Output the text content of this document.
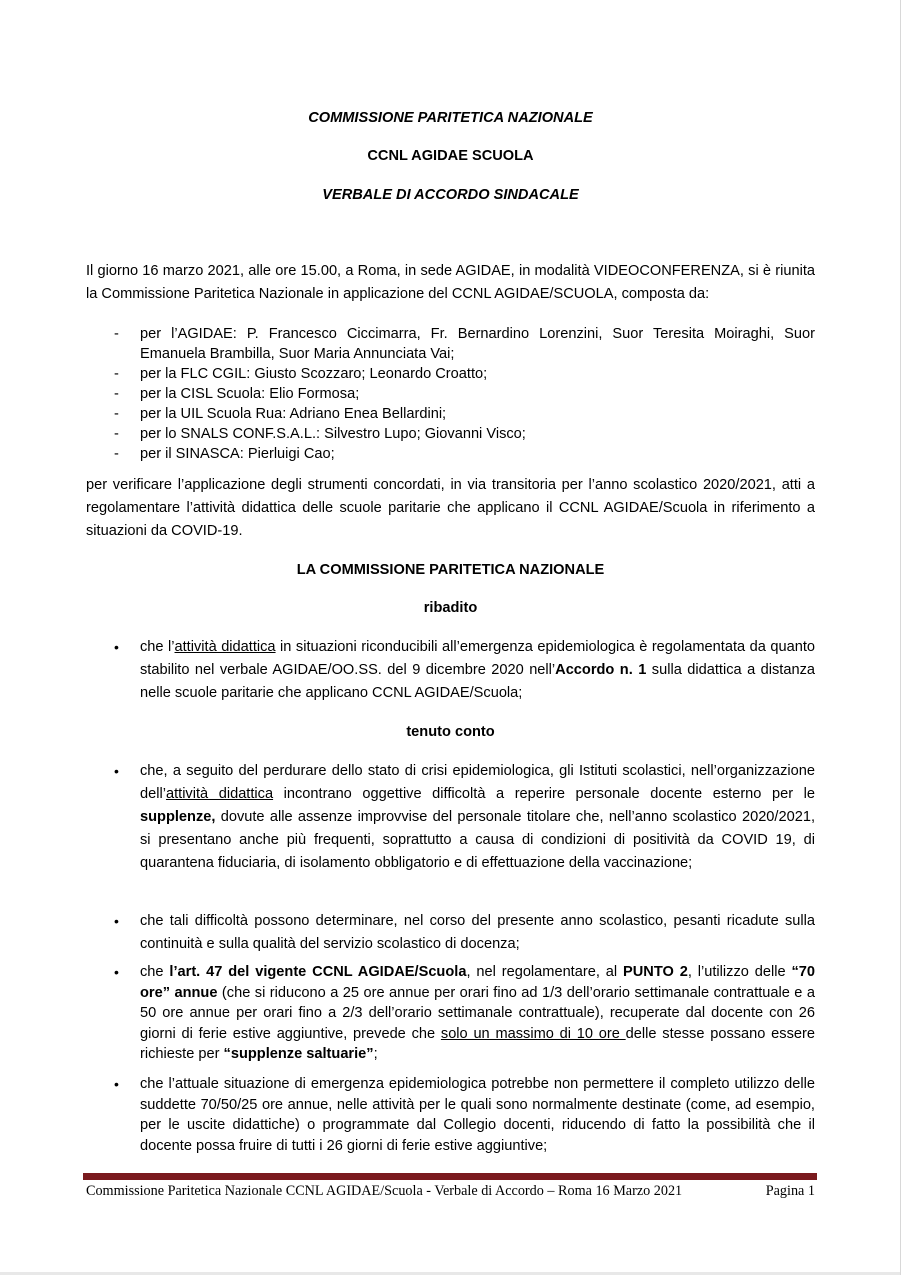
COMMISSIONE PARITETICA NAZIONALE
CCNL AGIDAE SCUOLA
VERBALE DI ACCORDO SINDACALE
Il giorno 16 marzo 2021, alle ore 15.00, a Roma, in sede AGIDAE, in modalità VIDEOCONFERENZA, si è riunita la Commissione Paritetica Nazionale in applicazione del CCNL AGIDAE/SCUOLA, composta da:
- per l’AGIDAE: P. Francesco Ciccimarra, Fr. Bernardino Lorenzini, Suor Teresita Moiraghi, Suor Emanuela Brambilla, Suor Maria Annunciata Vai;
- per la FLC CGIL: Giusto Scozzaro; Leonardo Croatto;
- per la CISL Scuola: Elio Formosa;
- per la UIL Scuola Rua: Adriano Enea Bellardini;
- per lo SNALS CONF.S.A.L.: Silvestro Lupo; Giovanni Visco;
- per il SINASCA: Pierluigi Cao;
per verificare l’applicazione degli strumenti concordati, in via transitoria per l’anno scolastico 2020/2021, atti a regolamentare l’attività didattica delle scuole paritarie che applicano il CCNL AGIDAE/Scuola in riferimento a situazioni da COVID-19.
LA COMMISSIONE PARITETICA NAZIONALE
ribadito
• che l’attività didattica in situazioni riconducibili all’emergenza epidemiologica è regolamentata da quanto stabilito nel verbale AGIDAE/OO.SS. del 9 dicembre 2020 nell’Accordo n. 1 sulla didattica a distanza nelle scuole paritarie che applicano CCNL AGIDAE/Scuola;
tenuto conto
• che, a seguito del perdurare dello stato di crisi epidemiologica, gli Istituti scolastici, nell’organizzazione dell’attività didattica incontrano oggettive difficoltà a reperire personale docente esterno per le supplenze, dovute alle assenze improvvise del personale titolare che, nell’anno scolastico 2020/2021, si presentano anche più frequenti, soprattutto a causa di condizioni di positività da COVID 19, di quarantena fiduciaria, di isolamento obbligatorio e di effettuazione della vaccinazione;
• che tali difficoltà possono determinare, nel corso del presente anno scolastico, pesanti ricadute sulla continuità e sulla qualità del servizio scolastico di docenza;
• che l’art. 47 del vigente CCNL AGIDAE/Scuola, nel regolamentare, al PUNTO 2, l’utilizzo delle “70 ore” annue (che si riducono a 25 ore annue per orari fino ad 1/3 dell’orario settimanale contrattuale e a 50 ore annue per orari fino a 2/3 dell’orario settimanale contrattuale), recuperate dal docente con 26 giorni di ferie estive aggiuntive, prevede che solo un massimo di 10 ore delle stesse possano essere richieste per “supplenze saltuarie”;
• che l’attuale situazione di emergenza epidemiologica potrebbe non permettere il completo utilizzo delle suddette 70/50/25 ore annue, nelle attività per le quali sono normalmente destinate (come, ad esempio, per le uscite didattiche) o programmate dal Collegio docenti, riducendo di fatto la possibilità che il docente possa fruire di tutti i 26 giorni di ferie estive aggiuntive;
Commissione Paritetica Nazionale CCNL AGIDAE/Scuola - Verbale di Accordo – Roma 16 Marzo 2021	Pagina 1
